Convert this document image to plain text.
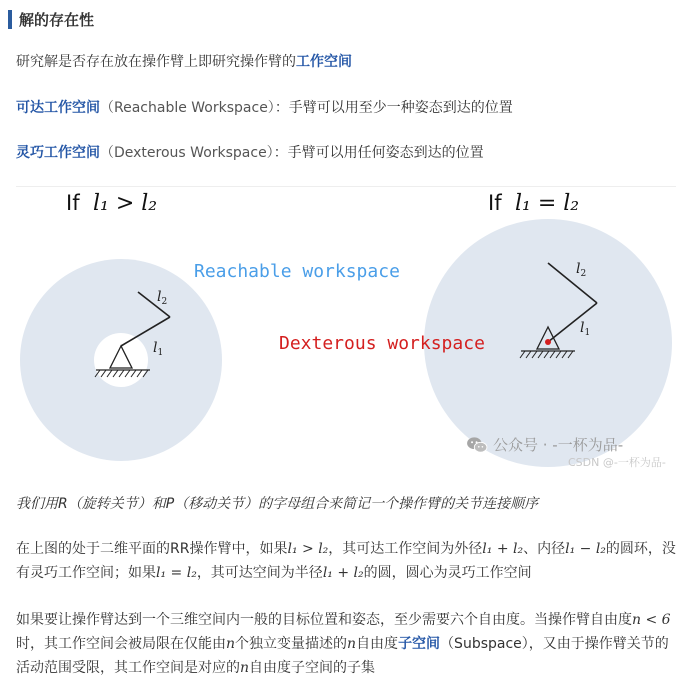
解的存在性
研究解是否存在放在操作臂上即研究操作臂的工作空间
可达工作空间（Reachable Workspace）：手臂可以用至少一种姿态到达的位置
灵巧工作空间（Dexterous Workspace）：手臂可以用任何姿态到达的位置
If l₁ > l₂	If l₁ = l₂
Reachable workspace
Dexterous workspace
$l_1$
$l_2$
$l_1$
$l_2$
公众号 · -一杯为品-
CSDN @-一杯为品-
我们用R（旋转关节）和P（移动关节）的字母组合来简记一个操作臂的关节连接顺序
在上图的处于二维平面的RR操作臂中，如果l₁ > l₂，其可达工作空间为外径l₁ + l₂、内径l₁ − l₂的圆环，没有灵巧工作空间；如果l₁ = l₂，其可达空间为半径l₁ + l₂的圆，圆心为灵巧工作空间
如果要让操作臂达到一个三维空间内一般的目标位置和姿态，至少需要六个自由度。当操作臂自由度n < 6时，其工作空间会被局限在仅能由n个独立变量描述的n自由度子空间（Subspace），又由于操作臂关节的活动范围受限，其工作空间是对应的n自由度子空间的子集
